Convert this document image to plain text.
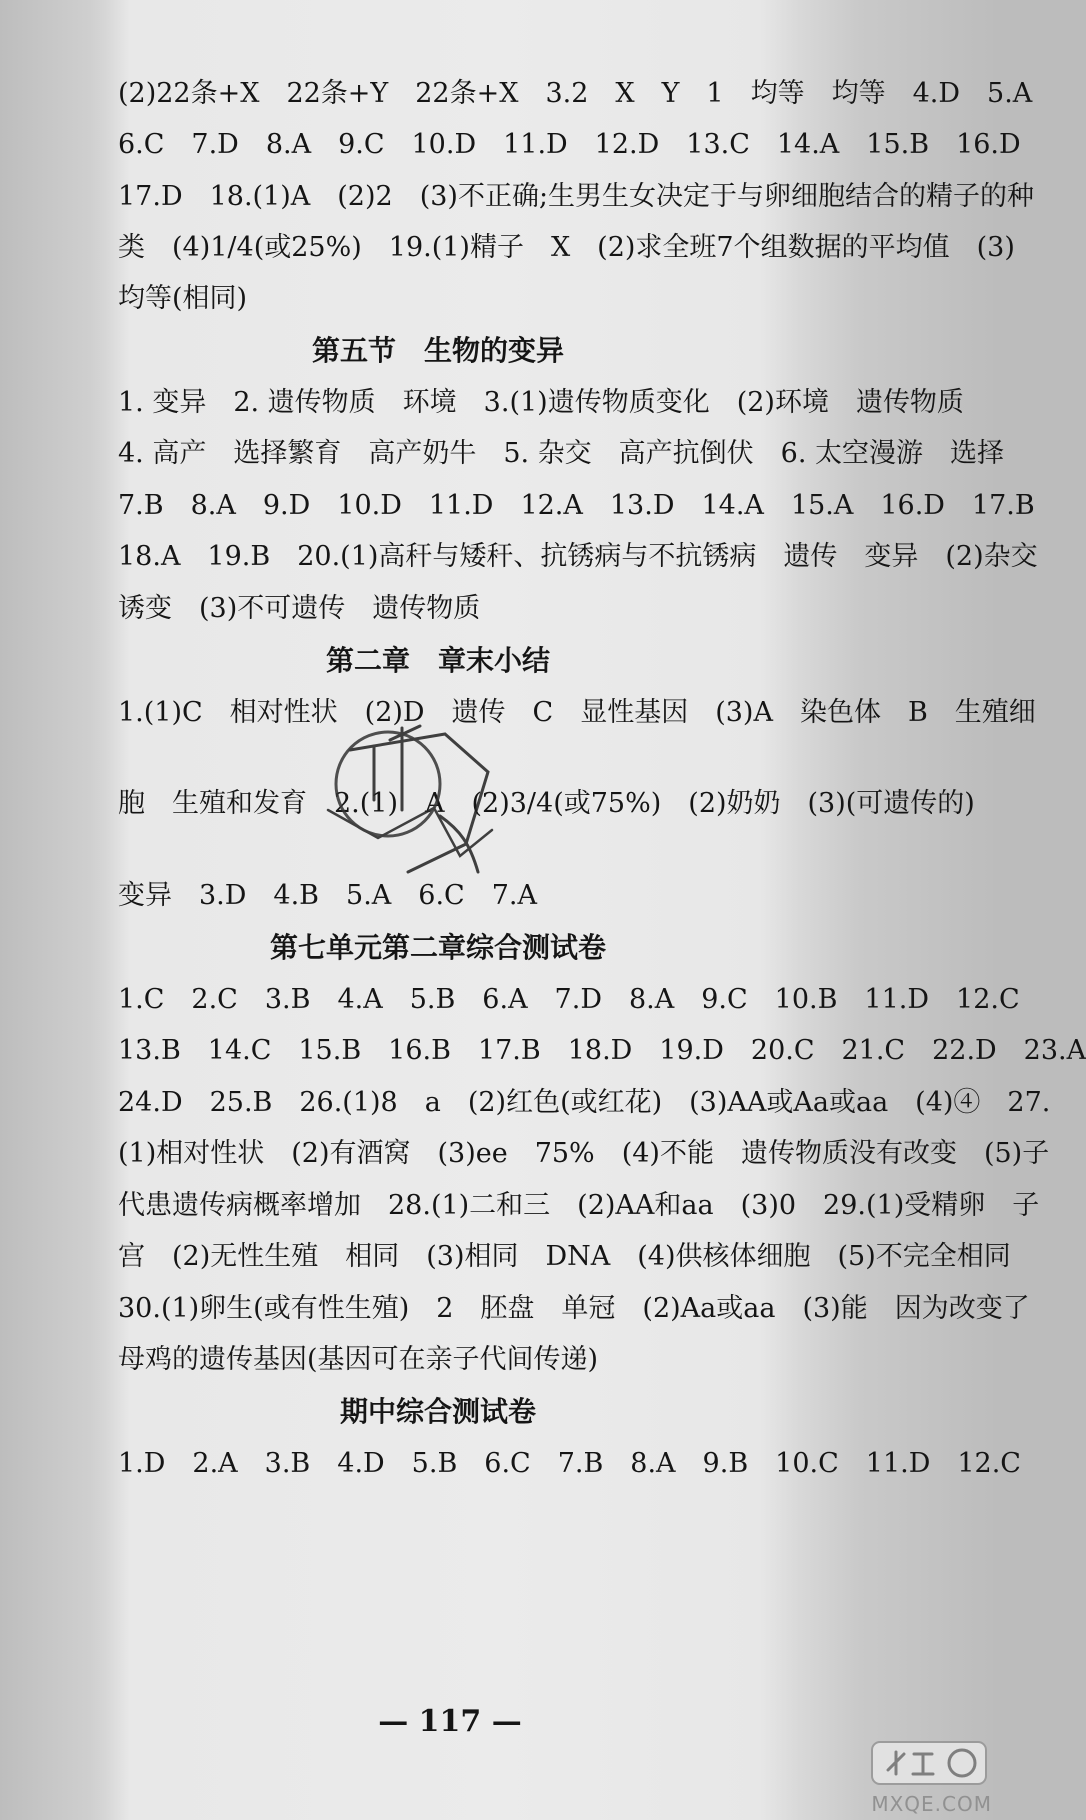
(2)22条+X　22条+Y　22条+X　3.2　X　Y　1　均等　均等　4.D　5.A
6.C　7.D　8.A　9.C　10.D　11.D　12.D　13.C　14.A　15.B　16.D
17.D　18.(1)A　(2)2　(3)不正确;生男生女决定于与卵细胞结合的精子的种
类　(4)1/4(或25%)　19.(1)精子　X　(2)求全班7个组数据的平均值　(3)
均等(相同)
第五节　生物的变异
1. 变异　2. 遗传物质　环境　3.(1)遗传物质变化　(2)环境　遗传物质
4. 高产　选择繁育　高产奶牛　5. 杂交　高产抗倒伏　6. 太空漫游　选择
7.B　8.A　9.D　10.D　11.D　12.A　13.D　14.A　15.A　16.D　17.B
18.A　19.B　20.(1)高秆与矮秆、抗锈病与不抗锈病　遗传　变异　(2)杂交
诱变　(3)不可遗传　遗传物质
第二章　章末小结
1.(1)C　相对性状　(2)D　遗传　C　显性基因　(3)A　染色体　B　生殖细
胞　生殖和发育　2.(1)　A　(2)3/4(或75%)　(2)奶奶　(3)(可遗传的)
变异　3.D　4.B　5.A　6.C　7.A
第七单元第二章综合测试卷
1.C　2.C　3.B　4.A　5.B　6.A　7.D　8.A　9.C　10.B　11.D　12.C
13.B　14.C　15.B　16.B　17.B　18.D　19.D　20.C　21.C　22.D　23.A
24.D　25.B　26.(1)8　a　(2)红色(或红花)　(3)AA或Aa或aa　(4)④　27.
(1)相对性状　(2)有酒窝　(3)ee　75%　(4)不能　遗传物质没有改变　(5)子
代患遗传病概率增加　28.(1)二和三　(2)AA和aa　(3)0　29.(1)受精卵　子
宫　(2)无性生殖　相同　(3)相同　DNA　(4)供核体细胞　(5)不完全相同
30.(1)卵生(或有性生殖)　2　胚盘　单冠　(2)Aa或aa　(3)能　因为改变了
母鸡的遗传基因(基因可在亲子代间传递)
期中综合测试卷
1.D　2.A　3.B　4.D　5.B　6.C　7.B　8.A　9.B　10.C　11.D　12.C
— 117 —
MXQE.COM
